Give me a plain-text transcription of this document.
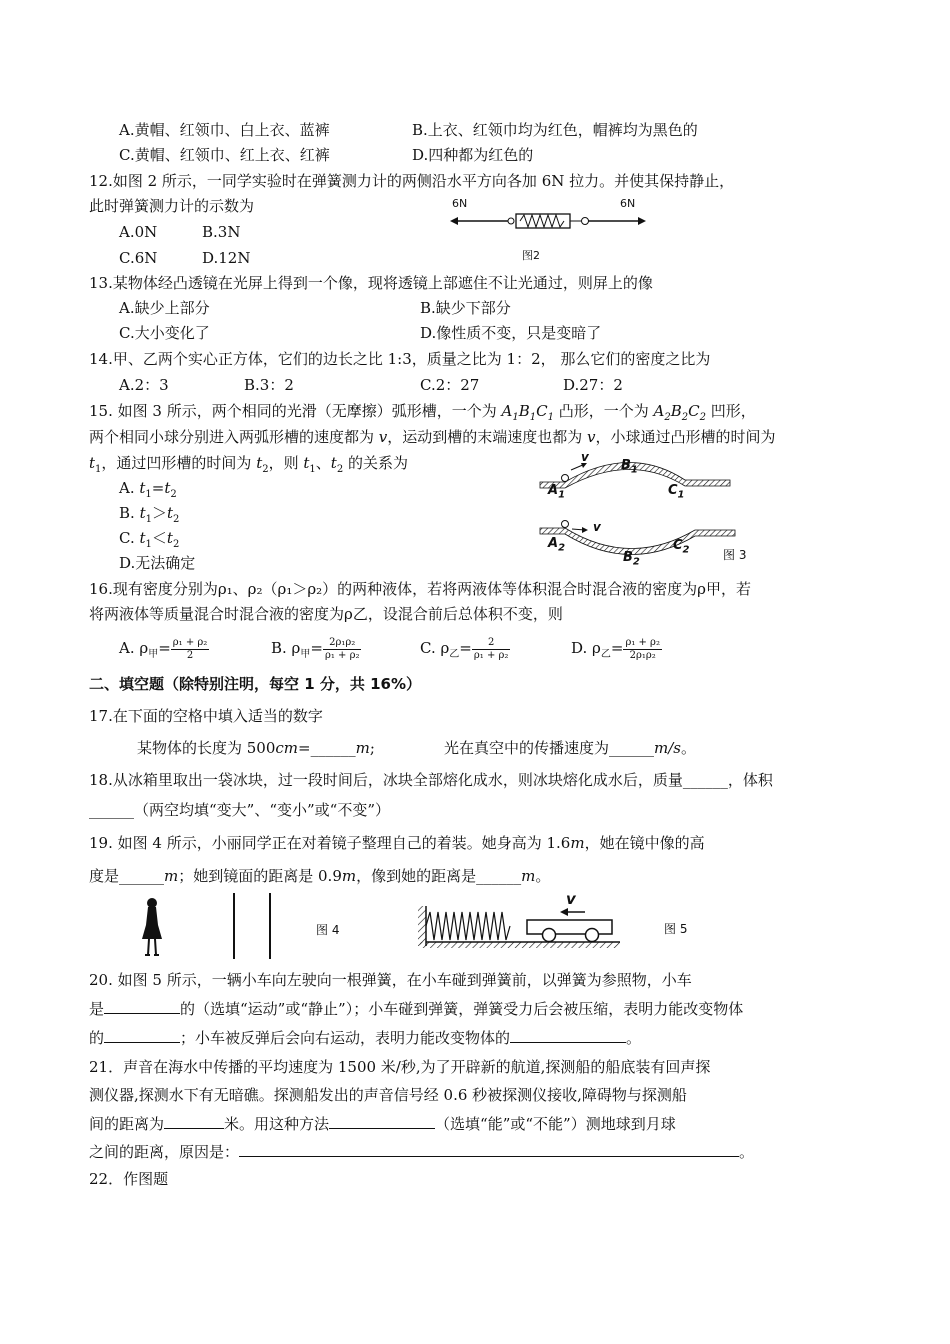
A.黄帽、红领巾、白上衣、蓝裤	B.上衣、红领巾均为红色，帽裤均为黑色的
C.黄帽、红领巾、红上衣、红裤	D.四种都为红色的
12.如图 2 所示，一同学实验时在弹簧测力计的两侧沿水平方向各加 6N 拉力。并使其保持静止，
此时弹簧测力计的示数为
A.0N	B.3N
C.6N	D.12N
6N	6N
图2
13.某物体经凸透镜在光屏上得到一个像，现将透镜上部遮住不让光通过，则屏上的像
A.缺少上部分	B.缺少下部分
C.大小变化了	D.像性质不变，只是变暗了
14.甲、乙两个实心正方体，它们的边长之比 1:3，质量之比为 1：2， 那么它们的密度之比为
A.2：3	B.3：2	C.2：27	D.27：2
15. 如图 3 所示，两个相同的光滑（无摩擦）弧形槽，一个为 $A_1B_1C_1$ 凸形，一个为 $A_2B_2C_2$ 凹形，
两个相同小球分别进入两弧形槽的速度都为 v，运动到槽的末端速度也都为 v，小球通过凸形槽的时间为
$t_1$，通过凹形槽的时间为 $t_2$，则 $t_1$、$t_2$ 的关系为
A. $t_1=t_2$
B. $t_1>t_2$
C. $t_1<t_2$
D.无法确定
v
$B_1$
$A_1$	$C_1$
v
$A_2$	$C_2$
$B_2$
图 3
16.现有密度分别为ρ₁、ρ₂（ρ₁＞ρ₂）的两种液体，若将两液体等体积混合时混合液的密度为ρ甲，若
将两液体等质量混合时混合液的密度为ρ乙，设混合前后总体积不变，则
A. $\rho_甲= \frac{\text{ρ₁ + ρ₂}}{2}$	B. $\rho_甲= \frac{\text{2ρ₁ρ₂}}{\text{ρ₁ + ρ₂}}$	C. $\rho_乙= \frac{2}{\text{ρ₁ + ρ₂}}$	D. $\rho_乙= \frac{\text{ρ₁ + ρ₂}}{\text{2ρ₁ρ₂}}$
二、填空题（除特别注明，每空 1 分，共 16%）
17.在下面的空格中填入适当的数字
某物体的长度为 500cm=______m;	光在真空中的传播速度为______m/s。
18.从冰箱里取出一袋冰块，过一段时间后，冰块全部熔化成水，则冰块熔化成水后，质量______，体积
______（两空均填“变大”、“变小”或“不变”）
19. 如图 4 所示，小丽同学正在对着镜子整理自己的着装。她身高为 1.6m，她在镜中像的高
度是______m；她到镜面的距离是 0.9m，像到她的距离是______m。
图 4
v
图 5
20. 如图 5 所示，一辆小车向左驶向一根弹簧，在小车碰到弹簧前，以弹簧为参照物，小车
是	的（选填“运动”或“静止”）；小车碰到弹簧，弹簧受力后会被压缩，表明力能改变物体
的	；小车被反弹后会向右运动，表明力能改变物体的	。
21．声音在海水中传播的平均速度为 1500 米/秒,为了开辟新的航道,探测船的船底装有回声探
测仪器,探测水下有无暗礁。探测船发出的声音信号经 0.6 秒被探测仪接收,障碍物与探测船
间的距离为	米。用这种方法	（选填“能”或“不能”）测地球到月球
之间的距离，原因是：	。
22．作图题
